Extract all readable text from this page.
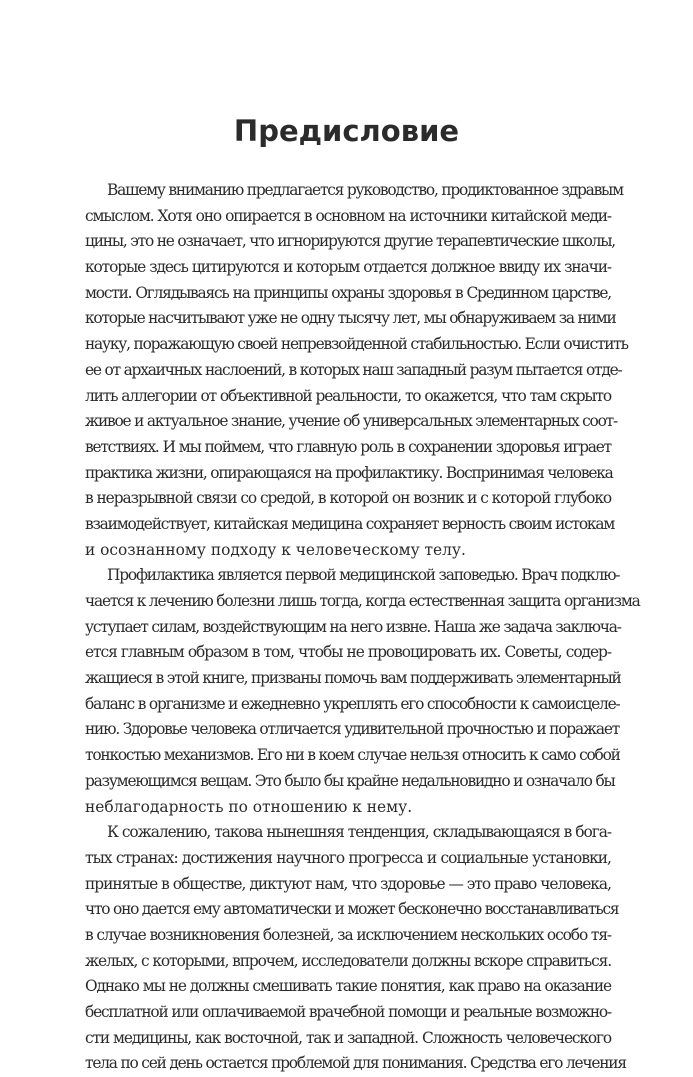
Предисловие
Вашему вниманию предлагается руководство, продиктованное здравым
смыслом. Хотя оно опирается в основном на источники китайской меди-
цины, это не означает, что игнорируются другие терапевтические школы,
которые здесь цитируются и которым отдается должное ввиду их значи-
мости. Оглядываясь на принципы охраны здоровья в Срединном царстве,
которые насчитывают уже не одну тысячу лет, мы обнаруживаем за ними
науку, поражающую своей непревзойденной стабильностью. Если очистить
ее от архаичных наслоений, в которых наш западный разум пытается отде-
лить аллегории от объективной реальности, то окажется, что там скрыто
живое и актуальное знание, учение об универсальных элементарных соот-
ветствиях. И мы поймем, что главную роль в сохранении здоровья играет
практика жизни, опирающаяся на профилактику. Воспринимая человека
в неразрывной связи со средой, в которой он возник и с которой глубоко
взаимодействует, китайская медицина сохраняет верность своим истокам
и осознанному подходу к человеческому телу.
Профилактика является первой медицинской заповедью. Врач подклю-
чается к лечению болезни лишь тогда, когда естественная защита организма
уступает силам, воздействующим на него извне. Наша же задача заключа-
ется главным образом в том, чтобы не провоцировать их. Советы, содер-
жащиеся в этой книге, призваны помочь вам поддерживать элементарный
баланс в организме и ежедневно укреплять его способности к самоисцеле-
нию. Здоровье человека отличается удивительной прочностью и поражает
тонкостью механизмов. Его ни в коем случае нельзя относить к само собой
разумеющимся вещам. Это было бы крайне недальновидно и означало бы
неблагодарность по отношению к нему.
К сожалению, такова нынешняя тенденция, складывающаяся в бога-
тых странах: достижения научного прогресса и социальные установки,
принятые в обществе, диктуют нам, что здоровье — это право человека,
что оно дается ему автоматически и может бесконечно восстанавливаться
в случае возникновения болезней, за исключением нескольких особо тя-
желых, с которыми, впрочем, исследователи должны вскоре справиться.
Однако мы не должны смешивать такие понятия, как право на оказание
бесплатной или оплачиваемой врачебной помощи и реальные возможно-
сти медицины, как восточной, так и западной. Сложность человеческого
тела по сей день остается проблемой для понимания. Средства его лечения
